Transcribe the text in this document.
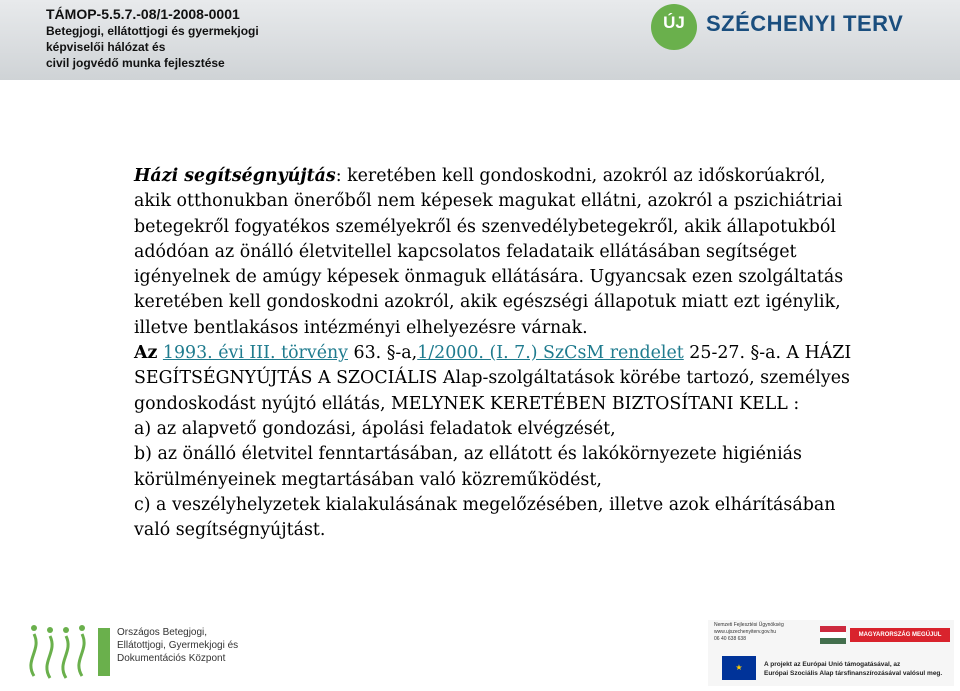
TÁMOP-5.5.7.-08/1-2008-0001
Betegjogi, ellátottjogi és gyermekjogi
képviselői hálózat és
civil jogvédő munka fejlesztése
ÚJ SZÉCHENYI TERV

Házi segítségnyújtás: keretében kell gondoskodni, azokról az időskorúakról, akik otthonukban önerőből nem képesek magukat ellátni, azokról a pszichiátriai betegekről fogyatékos személyekről és szenvedélybetegekről, akik állapotukból adódóan az önálló életvitellel kapcsolatos feladataik ellátásában segítséget igényelnek de amúgy képesek önmaguk ellátására. Ugyancsak ezen szolgáltatás keretében kell gondoskodni azokról, akik egészségi állapotuk miatt ezt igénylik, illetve bentlakásos intézményi elhelyezésre várnak.

Az 1993. évi III. törvény 63. §-a,1/2000. (I. 7.) SzCsM rendelet 25-27. §-a. A HÁZI SEGÍTSÉGNYÚJTÁS A SZOCIÁLIS Alap-szolgáltatások körébe tartozó, személyes gondoskodást nyújtó ellátás, MELYNEK KERETÉBEN BIZTOSÍTANI KELL :

a) az alapvető gondozási, ápolási feladatok elvégzését,

b) az önálló életvitel fenntartásában, az ellátott és lakókörnyezete higiéniás körülményeinek megtartásában való közreműködést,

c) a veszélyhelyzetek kialakulásának megelőzésében, illetve azok elhárításában való segítségnyújtást.

Országos Betegjogi,
Ellátottjogi, Gyermekjogi és
Dokumentációs Központ
Nemzeti Fejlesztési Ügynökség
www.ujszechenyiterv.gov.hu
06 40 638 638
MAGYARORSZÁG MEGÚJUL
★	A projekt az Európai Unió támogatásával, az
Európai Szociális Alap társfinanszírozásával valósul meg.
